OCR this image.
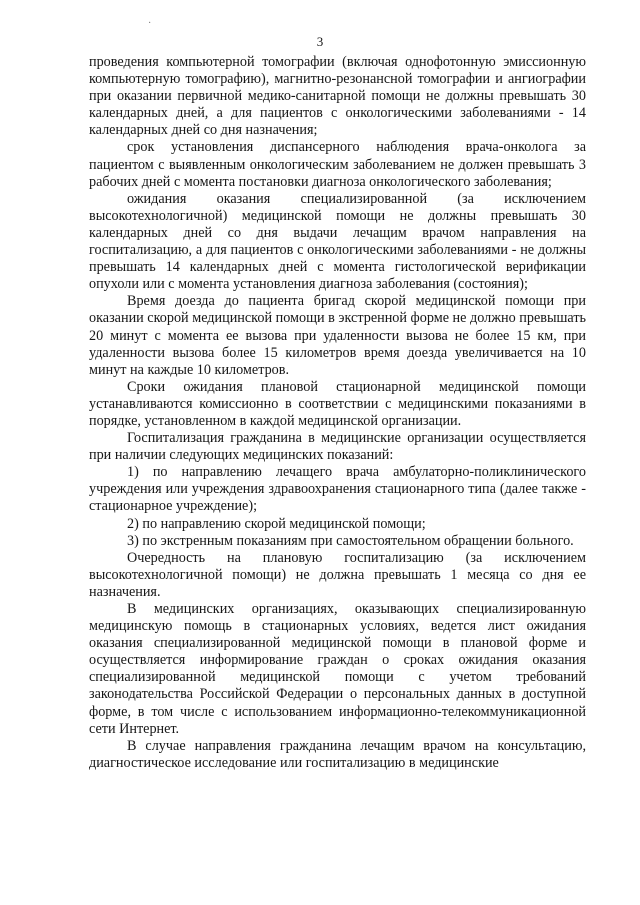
·
3

проведения компьютерной томографии (включая однофотонную эмиссионную компьютерную томографию), магнитно-резонансной томографии и ангиографии при оказании первичной медико-санитарной помощи не должны превышать 30 календарных дней, а для пациентов с онкологическими заболеваниями - 14 календарных дней со дня назначения;

срок установления диспансерного наблюдения врача-онколога за пациентом с выявленным онкологическим заболеванием не должен превышать 3 рабочих дней с момента постановки диагноза онкологического заболевания;

ожидания оказания специализированной (за исключением высокотехнологичной) медицинской помощи не должны превышать 30 календарных дней со дня выдачи лечащим врачом направления на госпитализацию, а для пациентов с онкологическими заболеваниями - не должны превышать 14 календарных дней с момента гистологической верификации опухоли или с момента установления диагноза заболевания (состояния);

Время доезда до пациента бригад скорой медицинской помощи при оказании скорой медицинской помощи в экстренной форме не должно превышать 20 минут с момента ее вызова при удаленности вызова не более 15 км, при удаленности вызова более 15 километров время доезда увеличивается на 10 минут на каждые 10 километров.

Сроки ожидания плановой стационарной медицинской помощи устанавливаются комиссионно в соответствии с медицинскими показаниями в порядке, установленном в каждой медицинской организации.

Госпитализация гражданина в медицинские организации осуществляется при наличии следующих медицинских показаний:

1) по направлению лечащего врача амбулаторно-поликлинического учреждения или учреждения здравоохранения стационарного типа (далее также - стационарное учреждение);

2) по направлению скорой медицинской помощи;

3) по экстренным показаниям при самостоятельном обращении больного.

Очередность на плановую госпитализацию (за исключением высокотехнологичной помощи) не должна превышать 1 месяца со дня ее назначения.

В медицинских организациях, оказывающих специализированную медицинскую помощь в стационарных условиях, ведется лист ожидания оказания специализированной медицинской помощи в плановой форме и осуществляется информирование граждан о сроках ожидания оказания специализированной медицинской помощи с учетом требований законодательства Российской Федерации о персональных данных в доступной форме, в том числе с использованием информационно-телекоммуникационной сети Интернет.

В случае направления гражданина лечащим врачом на консультацию, диагностическое исследование или госпитализацию в медицинские
